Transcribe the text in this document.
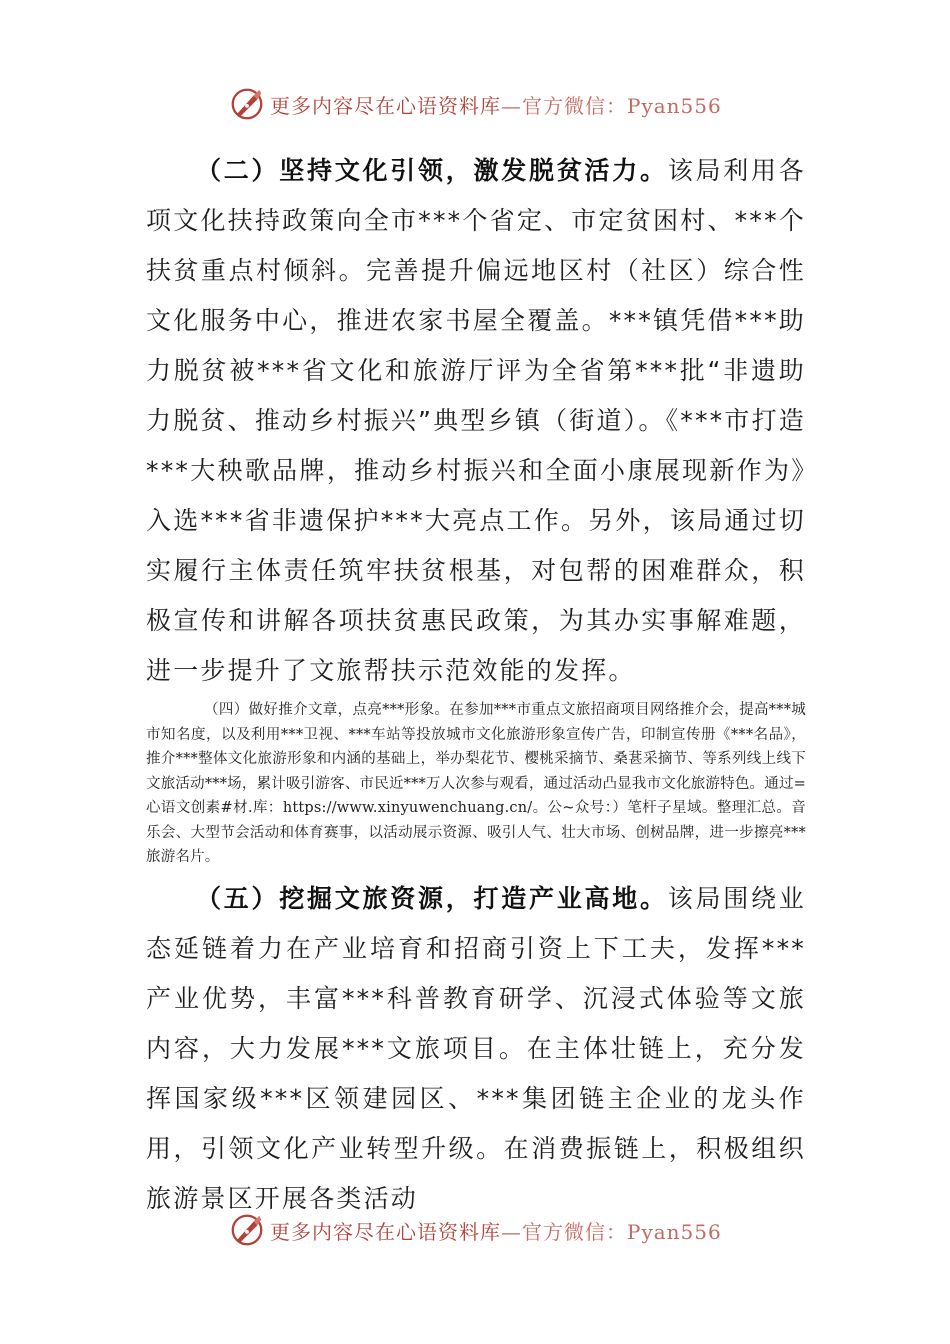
更多内容尽在心语资料库—官方微信：Pyan556

（二）坚持文化引领，激发脱贫活力。该局利用各项文化扶持政策向全市***个省定、市定贫困村、***个扶贫重点村倾斜。完善提升偏远地区村（社区）综合性文化服务中心，推进农家书屋全覆盖。***镇凭借***助力脱贫被***省文化和旅游厅评为全省第***批“非遗助力脱贫、推动乡村振兴”典型乡镇（街道）。《***市打造***大秧歌品牌，推动乡村振兴和全面小康展现新作为》入选***省非遗保护***大亮点工作。另外，该局通过切实履行主体责任筑牢扶贫根基，对包帮的困难群众，积极宣传和讲解各项扶贫惠民政策，为其办实事解难题，进一步提升了文旅帮扶示范效能的发挥。

（四）做好推介文章，点亮***形象。在参加***市重点文旅招商项目网络推介会，提高***城市知名度，以及利用***卫视、***车站等投放城市文化旅游形象宣传广告，印制宣传册《***名品》，推介***整体文化旅游形象和内涵的基础上，举办梨花节、樱桃采摘节、桑葚采摘节、等系列线上线下文旅活动***场，累计吸引游客、市民近***万人次参与观看，通过活动凸显我市文化旅游特色。通过=心语文创素#材.库：https://www.xinyuwenchuang.cn/。公~众号：）笔杆子星域。整理汇总。音乐会、大型节会活动和体育赛事，以活动展示资源、吸引人气、壮大市场、创树品牌，进一步擦亮***旅游名片。

（五）挖掘文旅资源，打造产业高地。该局围绕业态延链着力在产业培育和招商引资上下工夫，发挥***产业优势，丰富***科普教育研学、沉浸式体验等文旅内容，大力发展***文旅项目。在主体壮链上，充分发挥国家级***区领建园区、***集团链主企业的龙头作用，引领文化产业转型升级。在消费振链上，积极组织旅游景区开展各类活动

更多内容尽在心语资料库—官方微信：Pyan556
